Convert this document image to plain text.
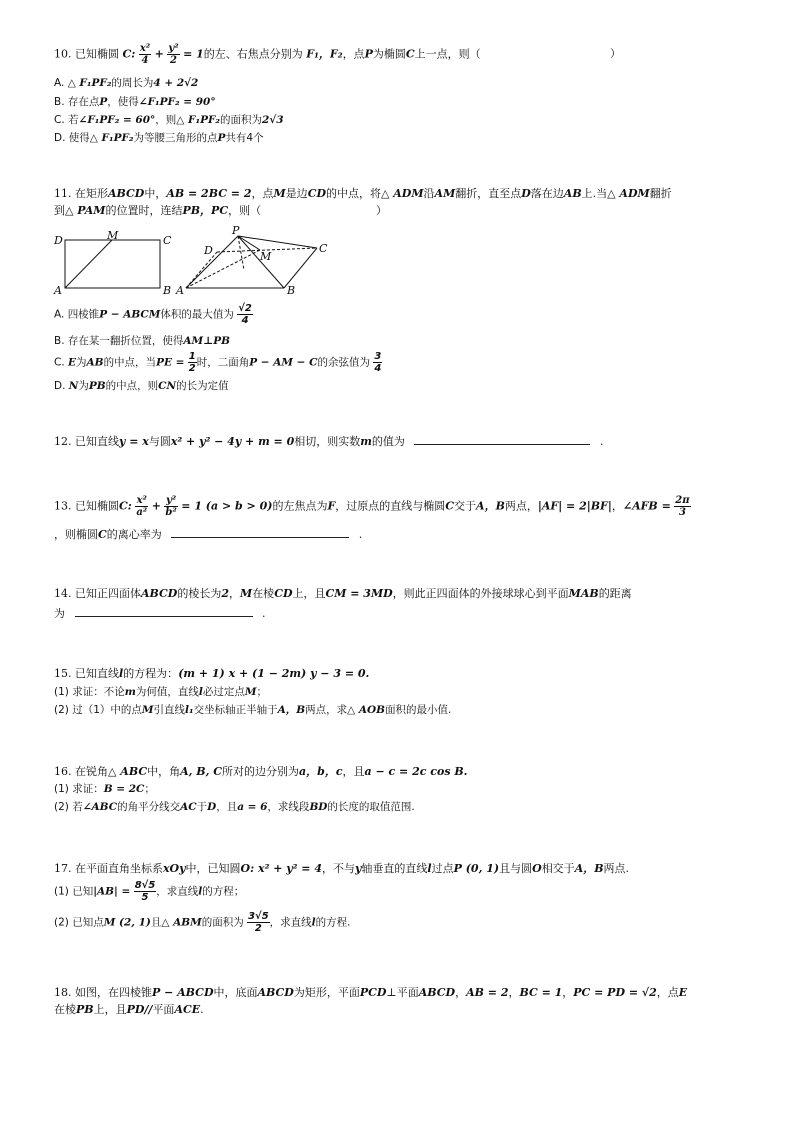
10. 已知椭圆 C: $\frac{\text{x²}}{4} + \frac{\text{y²}}{2} = 1$的左、右焦点分别为 F₁，F₂，点P为椭圆C上一点，则（	）
A. △ F₁PF₂的周长为4 + 2√2
B. 存在点P，使得∠F₁PF₂ = 90°
C. 若∠F₁PF₂ = 60°，则△ F₁PF₂的面积为2√3
D. 使得△ F₁PF₂为等腰三角形的点P共有4个
11. 在矩形ABCD中，AB = 2BC = 2，点M是边CD的中点，将△ ADM沿AM翻折，直至点D落在边AB上.当△ ADM翻折
到△ PAM的位置时，连结PB，PC，则（	）
D	M	C
A	B
P
D	M
C
A	B
A. 四棱锥P − ABCM体积的最大值为 $\frac{√2}{4}$
B. 存在某一翻折位置，使得AM⊥PB
C. E为AB的中点，当PE = $\frac{1}{2}$ 时，二面角P − AM − C的余弦值为 $\frac{3}{4}$
D. N为PB的中点，则CN的长为定值
12. 已知直线y = x与圆x² + y² − 4y + m = 0相切，则实数m的值为	.
13. 已知椭圆C: $\frac{\text{x²}}{\text{a²}} + \frac{\text{y²}}{\text{b²}} = 1$ (a > b > 0)的左焦点为F，过原点的直线与椭圆C交于A，B两点，|AF| = 2|BF|，∠AFB = $\frac{2\pi}{3}$
，则椭圆C的离心率为	.
14. 已知正四面体ABCD的棱长为2，M在棱CD上，且CM = 3MD，则此正四面体的外接球球心到平面MAB的距离
为	.
15. 已知直线l的方程为：(m + 1) x + (1 − 2m) y − 3 = 0.
(1) 求证：不论m为何值，直线l必过定点M；
(2) 过（1）中的点M引直线l₁交坐标轴正半轴于A，B两点，求△ AOB面积的最小值.
16. 在锐角△ ABC中，角A, B, C所对的边分别为a，b，c，且a − c = 2c cos B.
(1) 求证：B = 2C；
(2) 若∠ABC的角平分线交AC于D，且a = 6，求线段BD的长度的取值范围.
17. 在平面直角坐标系xOy中，已知圆O: x² + y² = 4，不与y轴垂直的直线l过点P (0, 1)且与圆O相交于A，B两点.
(1) 已知$|AB| = \frac{8√5}{5}$ ，求直线l的方程；
(2) 已知点M (2, 1)且△ ABM的面积为 $\frac{3√5}{2}$ ，求直线l的方程.
18. 如图，在四棱锥P − ABCD中，底面ABCD为矩形，平面PCD⊥平面ABCD，AB = 2，BC = 1，PC = PD = √2，点E
在棱PB上，且PD//平面ACE.
